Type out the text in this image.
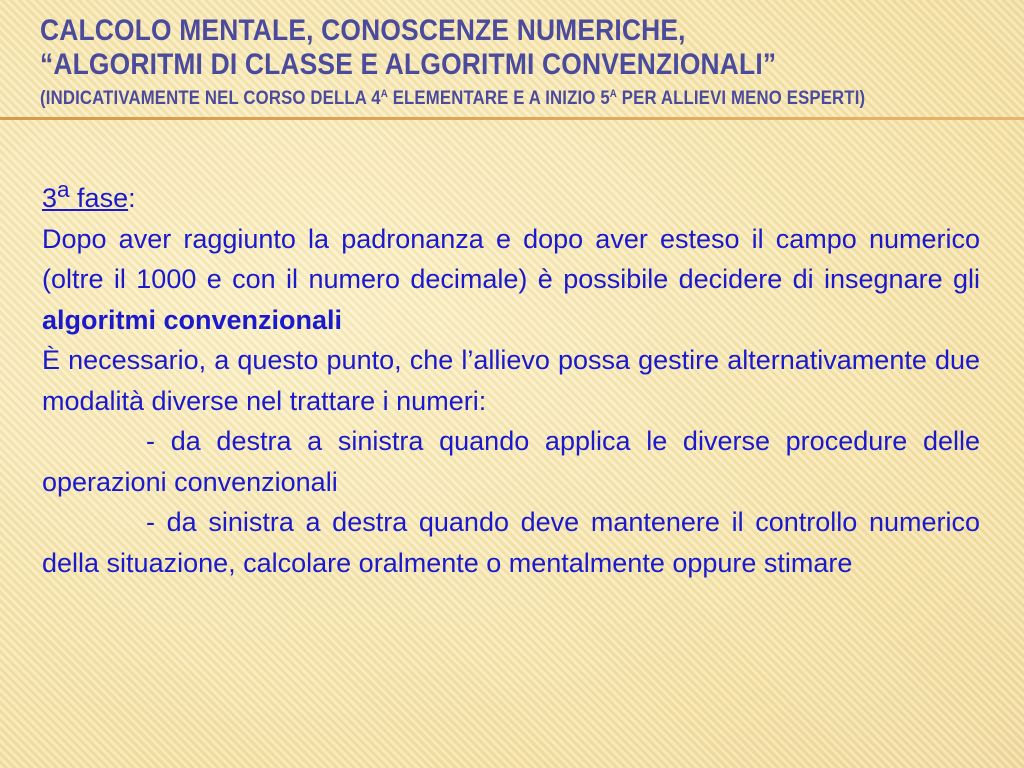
CALCOLO MENTALE, CONOSCENZE NUMERICHE,
“ALGORITMI DI CLASSE E ALGORITMI CONVENZIONALI”
(INDICATIVAMENTE NEL CORSO DELLA $4^A$ ELEMENTARE E A INIZIO $5^A$ PER ALLIEVI MENO ESPERTI)

3$^a$ fase:

Dopo aver raggiunto la padronanza e dopo aver esteso il campo numerico (oltre il 1000 e con il numero decimale) è possibile decidere di insegnare gli algoritmi convenzionali

È necessario, a questo punto, che l’allievo possa gestire alternativamente due modalità diverse nel trattare i numeri:

- da destra a sinistra quando applica le diverse procedure delle operazioni convenzionali

- da sinistra a destra quando deve mantenere il controllo numerico della situazione, calcolare oralmente o mentalmente oppure stimare
